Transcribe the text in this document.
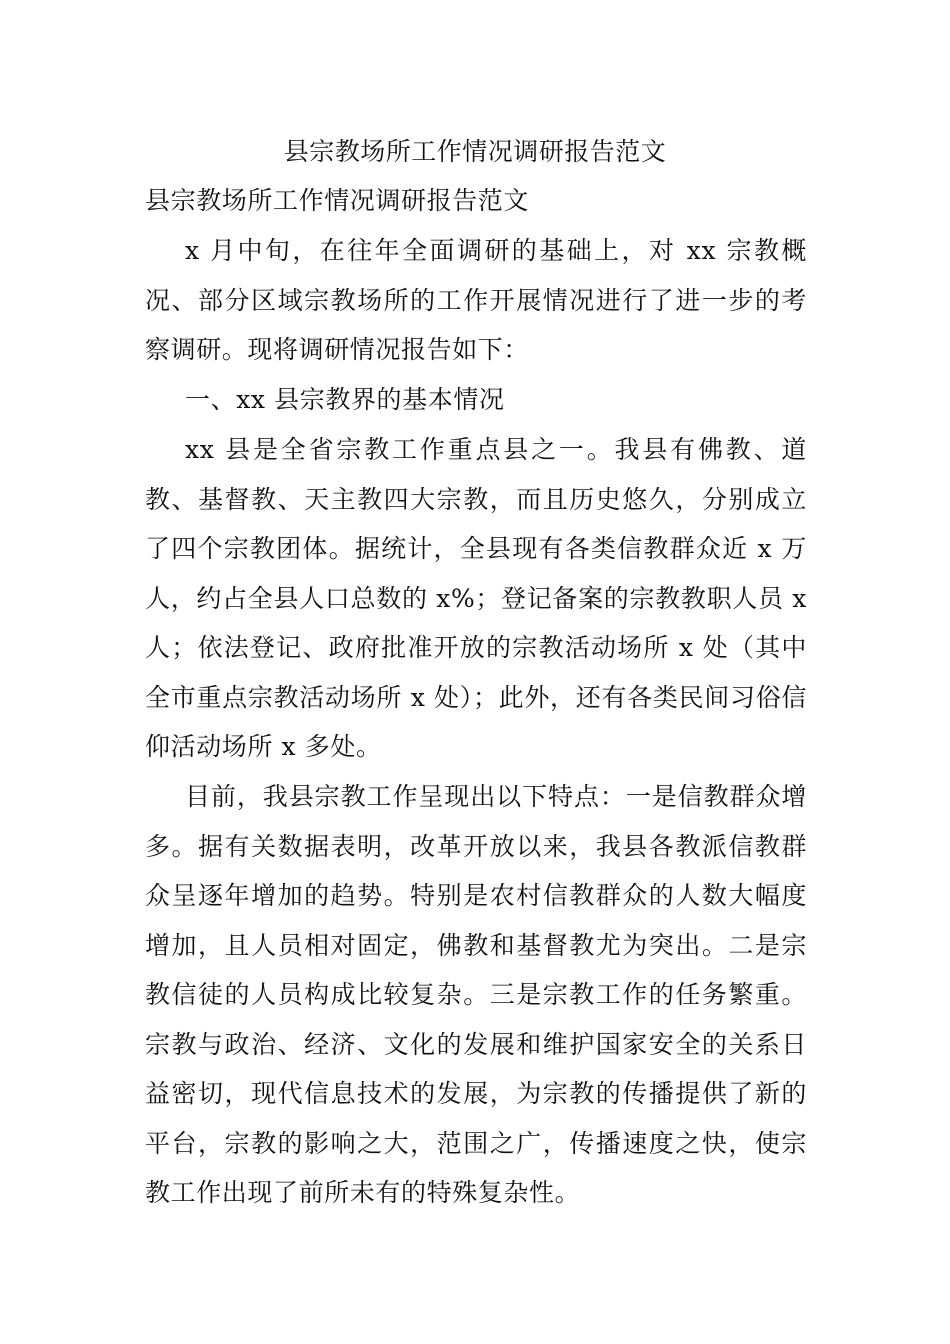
县宗教场所工作情况调研报告范文
县宗教场所工作情况调研报告范文
x 月中旬，在往年全面调研的基础上，对 xx 宗教概况、部分区域宗教场所的工作开展情况进行了进一步的考察调研。现将调研情况报告如下：
一、xx 县宗教界的基本情况
xx 县是全省宗教工作重点县之一。我县有佛教、道教、基督教、天主教四大宗教，而且历史悠久，分别成立了四个宗教团体。据统计，全县现有各类信教群众近 x 万人，约占全县人口总数的 x%；登记备案的宗教教职人员 x 人；依法登记、政府批准开放的宗教活动场所 x 处（其中全市重点宗教活动场所 x 处）；此外，还有各类民间习俗信仰活动场所 x 多处。
目前，我县宗教工作呈现出以下特点：一是信教群众增多。据有关数据表明，改革开放以来，我县各教派信教群众呈逐年增加的趋势。特别是农村信教群众的人数大幅度增加，且人员相对固定，佛教和基督教尤为突出。二是宗教信徒的人员构成比较复杂。三是宗教工作的任务繁重。宗教与政治、经济、文化的发展和维护国家安全的关系日益密切，现代信息技术的发展，为宗教的传播提供了新的平台，宗教的影响之大，范围之广，传播速度之快，使宗教工作出现了前所未有的特殊复杂性。
